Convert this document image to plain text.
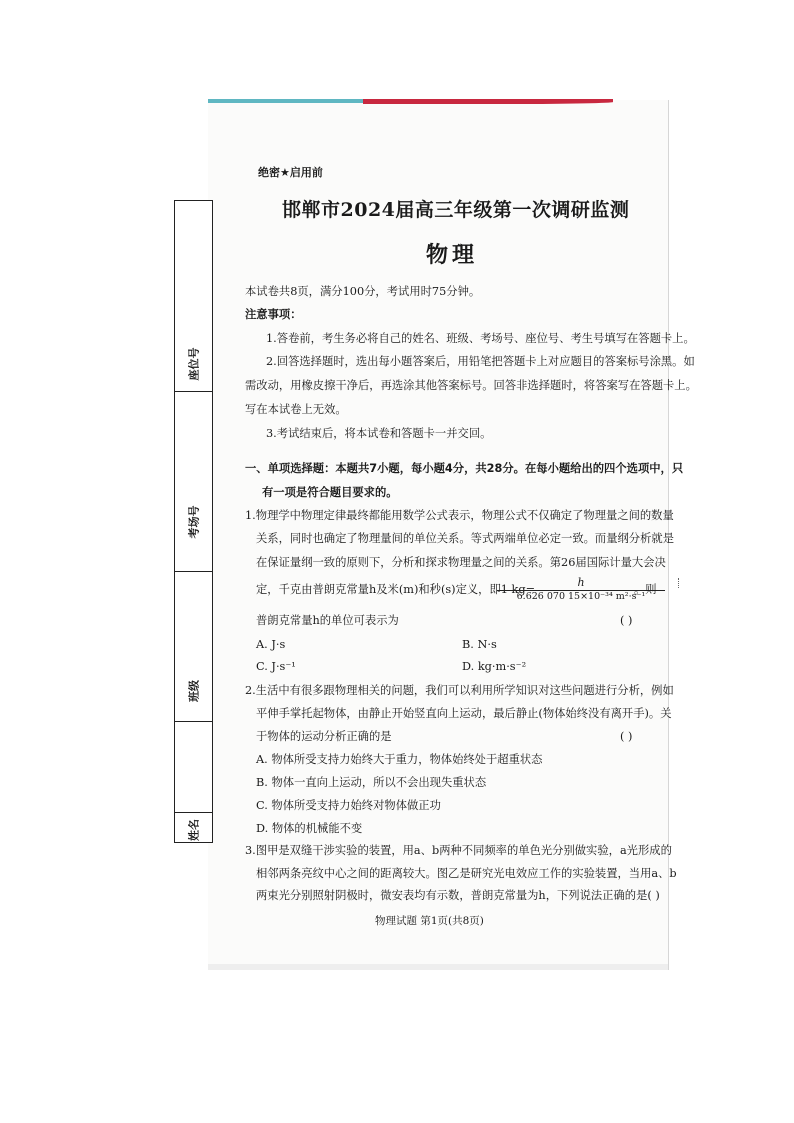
座位号
考场号
班级
姓名
绝密★启用前
邯郸市2024届高三年级第一次调研监测
物理
本试卷共8页，满分100分，考试用时75分钟。
注意事项：
1.答卷前，考生务必将自己的姓名、班级、考场号、座位号、考生号填写在答题卡上。
2.回答选择题时，选出每小题答案后，用铅笔把答题卡上对应题目的答案标号涂黑。如
需改动，用橡皮擦干净后，再选涂其他答案标号。回答非选择题时，将答案写在答题卡上。
写在本试卷上无效。
3.考试结束后，将本试卷和答题卡一并交回。
一、单项选择题：本题共7小题，每小题4分，共28分。在每小题给出的四个选项中，只
有一项是符合题目要求的。
1.物理学中物理定律最终都能用数学公式表示，物理公式不仅确定了物理量之间的数量
关系，同时也确定了物理量间的单位关系。等式两端单位必定一致。而量纲分析就是
在保证量纲一致的原则下，分析和探求物理量之间的关系。第26届国际计量大会决
定，千克由普朗克常量h及米(m)和秒(s)定义，即1 kg=
h
6.626 070 15×10⁻³⁴ m²·s⁻¹
。则
普朗克常量h的单位可表示为	( )
A. J·s	B. N·s
C. J·s⁻¹	D. kg·m·s⁻²
2.生活中有很多跟物理相关的问题，我们可以利用所学知识对这些问题进行分析，例如
平伸手掌托起物体，由静止开始竖直向上运动，最后静止(物体始终没有离开手)。关
于物体的运动分析正确的是	( )
A. 物体所受支持力始终大于重力，物体始终处于超重状态
B. 物体一直向上运动，所以不会出现失重状态
C. 物体所受支持力始终对物体做正功
D. 物体的机械能不变
3.图甲是双缝干涉实验的装置，用a、b两种不同频率的单色光分别做实验，a光形成的
相邻两条亮纹中心之间的距离较大。图乙是研究光电效应工作的实验装置，当用a、b
两束光分别照射阴极时，微安表均有示数，普朗克常量为h，下列说法正确的是( )
物理试题 第1页(共8页)
